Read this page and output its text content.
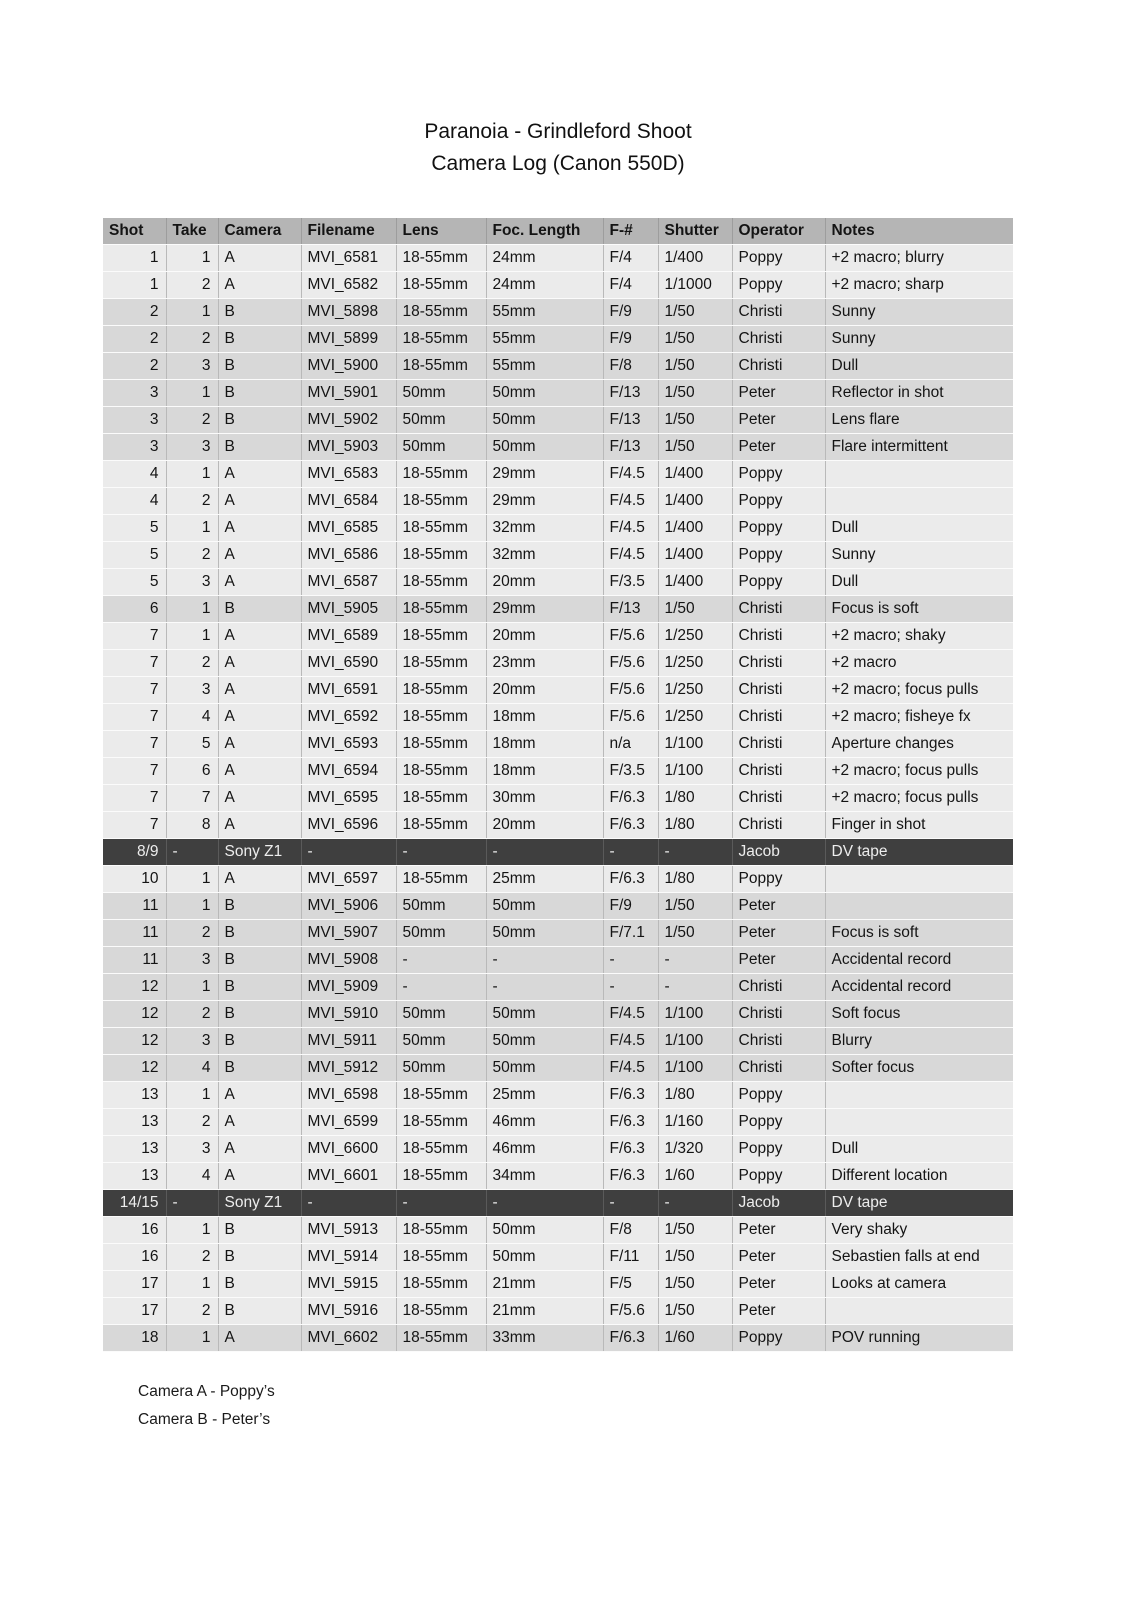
Paranoia - Grindleford Shoot
Camera Log (Canon 550D)
Shot	Take	Camera	Filename	Lens	Foc. Length	F-#	Shutter	Operator	Notes
1	1	A	MVI_6581	18-55mm	24mm	F/4	1/400	Poppy	+2 macro; blurry
1	2	A	MVI_6582	18-55mm	24mm	F/4	1/1000	Poppy	+2 macro; sharp
2	1	B	MVI_5898	18-55mm	55mm	F/9	1/50	Christi	Sunny
2	2	B	MVI_5899	18-55mm	55mm	F/9	1/50	Christi	Sunny
2	3	B	MVI_5900	18-55mm	55mm	F/8	1/50	Christi	Dull
3	1	B	MVI_5901	50mm	50mm	F/13	1/50	Peter	Reflector in shot
3	2	B	MVI_5902	50mm	50mm	F/13	1/50	Peter	Lens flare
3	3	B	MVI_5903	50mm	50mm	F/13	1/50	Peter	Flare intermittent
4	1	A	MVI_6583	18-55mm	29mm	F/4.5	1/400	Poppy	
4	2	A	MVI_6584	18-55mm	29mm	F/4.5	1/400	Poppy	
5	1	A	MVI_6585	18-55mm	32mm	F/4.5	1/400	Poppy	Dull
5	2	A	MVI_6586	18-55mm	32mm	F/4.5	1/400	Poppy	Sunny
5	3	A	MVI_6587	18-55mm	20mm	F/3.5	1/400	Poppy	Dull
6	1	B	MVI_5905	18-55mm	29mm	F/13	1/50	Christi	Focus is soft
7	1	A	MVI_6589	18-55mm	20mm	F/5.6	1/250	Christi	+2 macro; shaky
7	2	A	MVI_6590	18-55mm	23mm	F/5.6	1/250	Christi	+2 macro
7	3	A	MVI_6591	18-55mm	20mm	F/5.6	1/250	Christi	+2 macro; focus pulls
7	4	A	MVI_6592	18-55mm	18mm	F/5.6	1/250	Christi	+2 macro; fisheye fx
7	5	A	MVI_6593	18-55mm	18mm	n/a	1/100	Christi	Aperture changes
7	6	A	MVI_6594	18-55mm	18mm	F/3.5	1/100	Christi	+2 macro; focus pulls
7	7	A	MVI_6595	18-55mm	30mm	F/6.3	1/80	Christi	+2 macro; focus pulls
7	8	A	MVI_6596	18-55mm	20mm	F/6.3	1/80	Christi	Finger in shot
8/9	-	Sony Z1	-	-	-	-	-	Jacob	DV tape
10	1	A	MVI_6597	18-55mm	25mm	F/6.3	1/80	Poppy	
11	1	B	MVI_5906	50mm	50mm	F/9	1/50	Peter	
11	2	B	MVI_5907	50mm	50mm	F/7.1	1/50	Peter	Focus is soft
11	3	B	MVI_5908	-	-	-	-	Peter	Accidental record
12	1	B	MVI_5909	-	-	-	-	Christi	Accidental record
12	2	B	MVI_5910	50mm	50mm	F/4.5	1/100	Christi	Soft focus
12	3	B	MVI_5911	50mm	50mm	F/4.5	1/100	Christi	Blurry
12	4	B	MVI_5912	50mm	50mm	F/4.5	1/100	Christi	Softer focus
13	1	A	MVI_6598	18-55mm	25mm	F/6.3	1/80	Poppy	
13	2	A	MVI_6599	18-55mm	46mm	F/6.3	1/160	Poppy	
13	3	A	MVI_6600	18-55mm	46mm	F/6.3	1/320	Poppy	Dull
13	4	A	MVI_6601	18-55mm	34mm	F/6.3	1/60	Poppy	Different location
14/15	-	Sony Z1	-	-	-	-	-	Jacob	DV tape
16	1	B	MVI_5913	18-55mm	50mm	F/8	1/50	Peter	Very shaky
16	2	B	MVI_5914	18-55mm	50mm	F/11	1/50	Peter	Sebastien falls at end
17	1	B	MVI_5915	18-55mm	21mm	F/5	1/50	Peter	Looks at camera
17	2	B	MVI_5916	18-55mm	21mm	F/5.6	1/50	Peter	
18	1	A	MVI_6602	18-55mm	33mm	F/6.3	1/60	Poppy	POV running
Camera A - Poppy’s
Camera B - Peter’s
